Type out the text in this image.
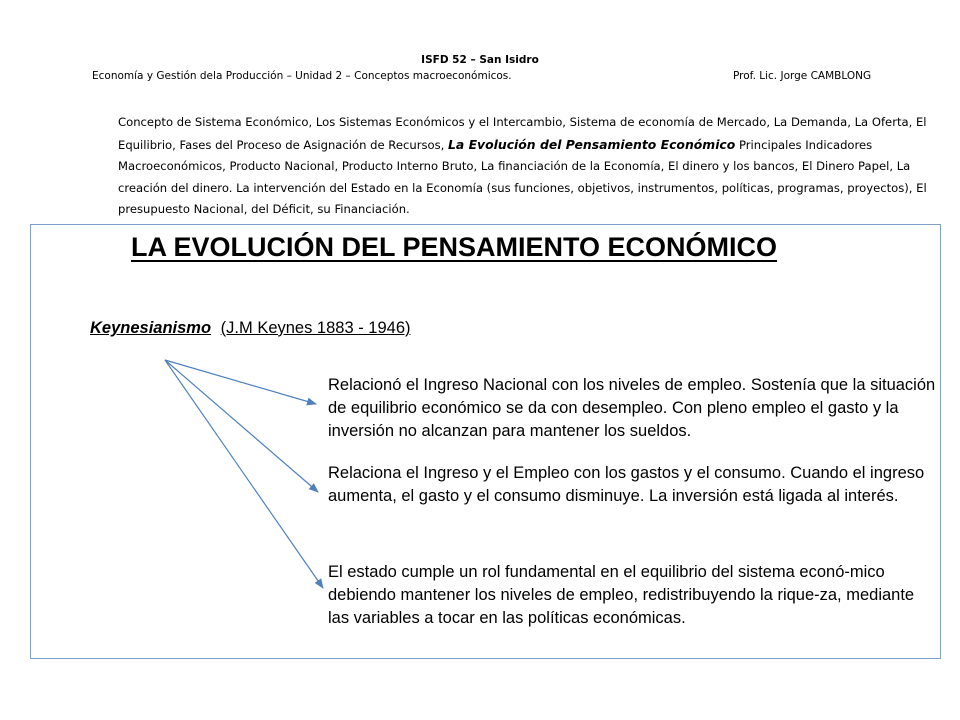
ISFD 52 – San Isidro
Economía y Gestión dela Producción – Unidad 2 – Conceptos macroeconómicos.	Prof. Lic. Jorge CAMBLONG
Concepto de Sistema Económico, Los Sistemas Económicos y el Intercambio, Sistema de economía de Mercado, La Demanda, La Oferta, El Equilibrio, Fases del Proceso de Asignación de Recursos, La Evolución del Pensamiento Económico Principales Indicadores Macroeconómicos, Producto Nacional, Producto Interno Bruto, La financiación de la Economía, El dinero y los bancos, El Dinero Papel, La creación del dinero. La intervención del Estado en la Economía (sus funciones, objetivos, instrumentos, políticas, programas, proyectos), El presupuesto Nacional, del Déficit, su Financiación.
LA EVOLUCIÓN DEL PENSAMIENTO ECONÓMICO
Keynesianismo (J.M Keynes 1883 - 1946)
Relacionó el Ingreso Nacional con los niveles de empleo. Sostenía que la situación de equilibrio económico se da con desempleo. Con pleno empleo el gasto y la inversión no alcanzan para mantener los sueldos.
Relaciona el Ingreso y el Empleo con los gastos y el consumo. Cuando el ingreso aumenta, el gasto y el consumo disminuye. La inversión está ligada al interés.
El estado cumple un rol fundamental en el equilibrio del sistema econó-mico debiendo mantener los niveles de empleo, redistribuyendo la rique-za, mediante las variables a tocar en las políticas económicas.
